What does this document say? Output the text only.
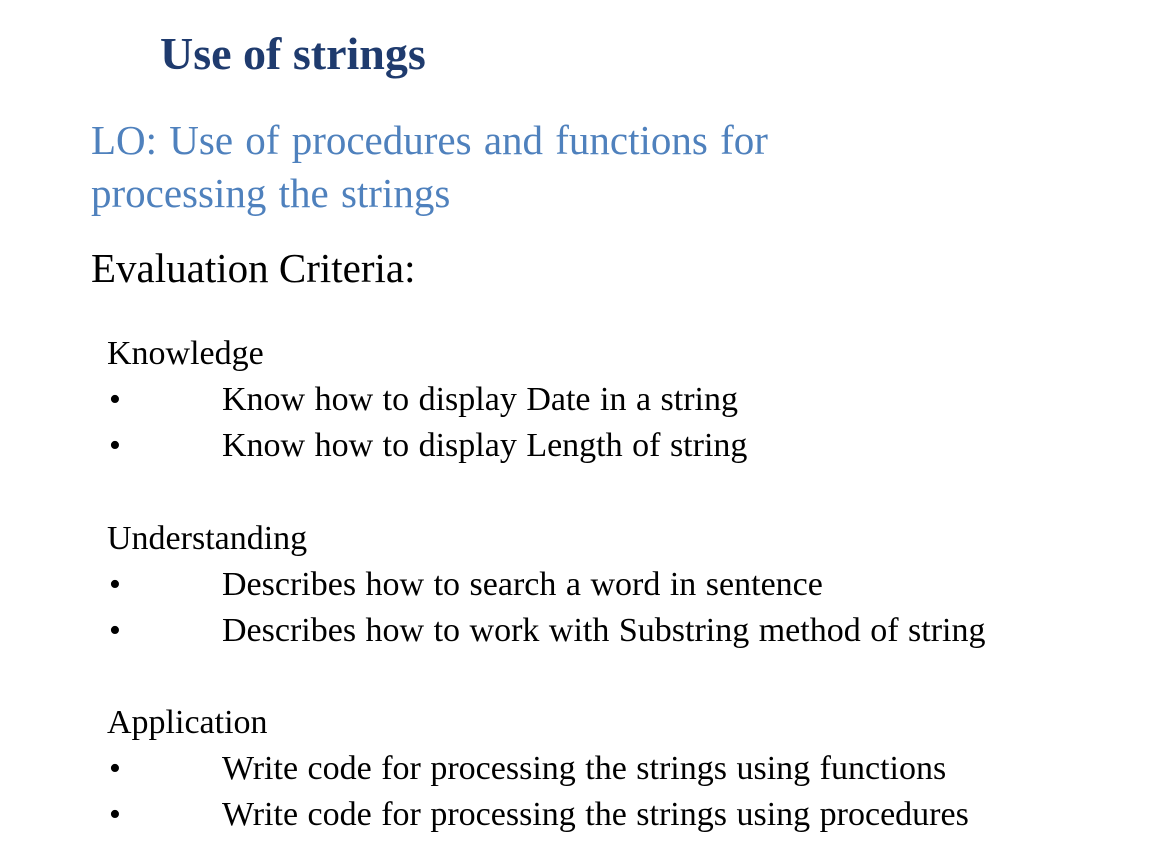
Use of strings
LO: Use of procedures and functions for
processing the strings
Evaluation Criteria:
Knowledge
•	Know how to display Date in a string
•	Know how to display Length of string
Understanding
•	Describes how to search a word in sentence
•	Describes how to work with Substring method of string
Application
•	Write code for processing the strings using functions
•	Write code for processing the strings using procedures
